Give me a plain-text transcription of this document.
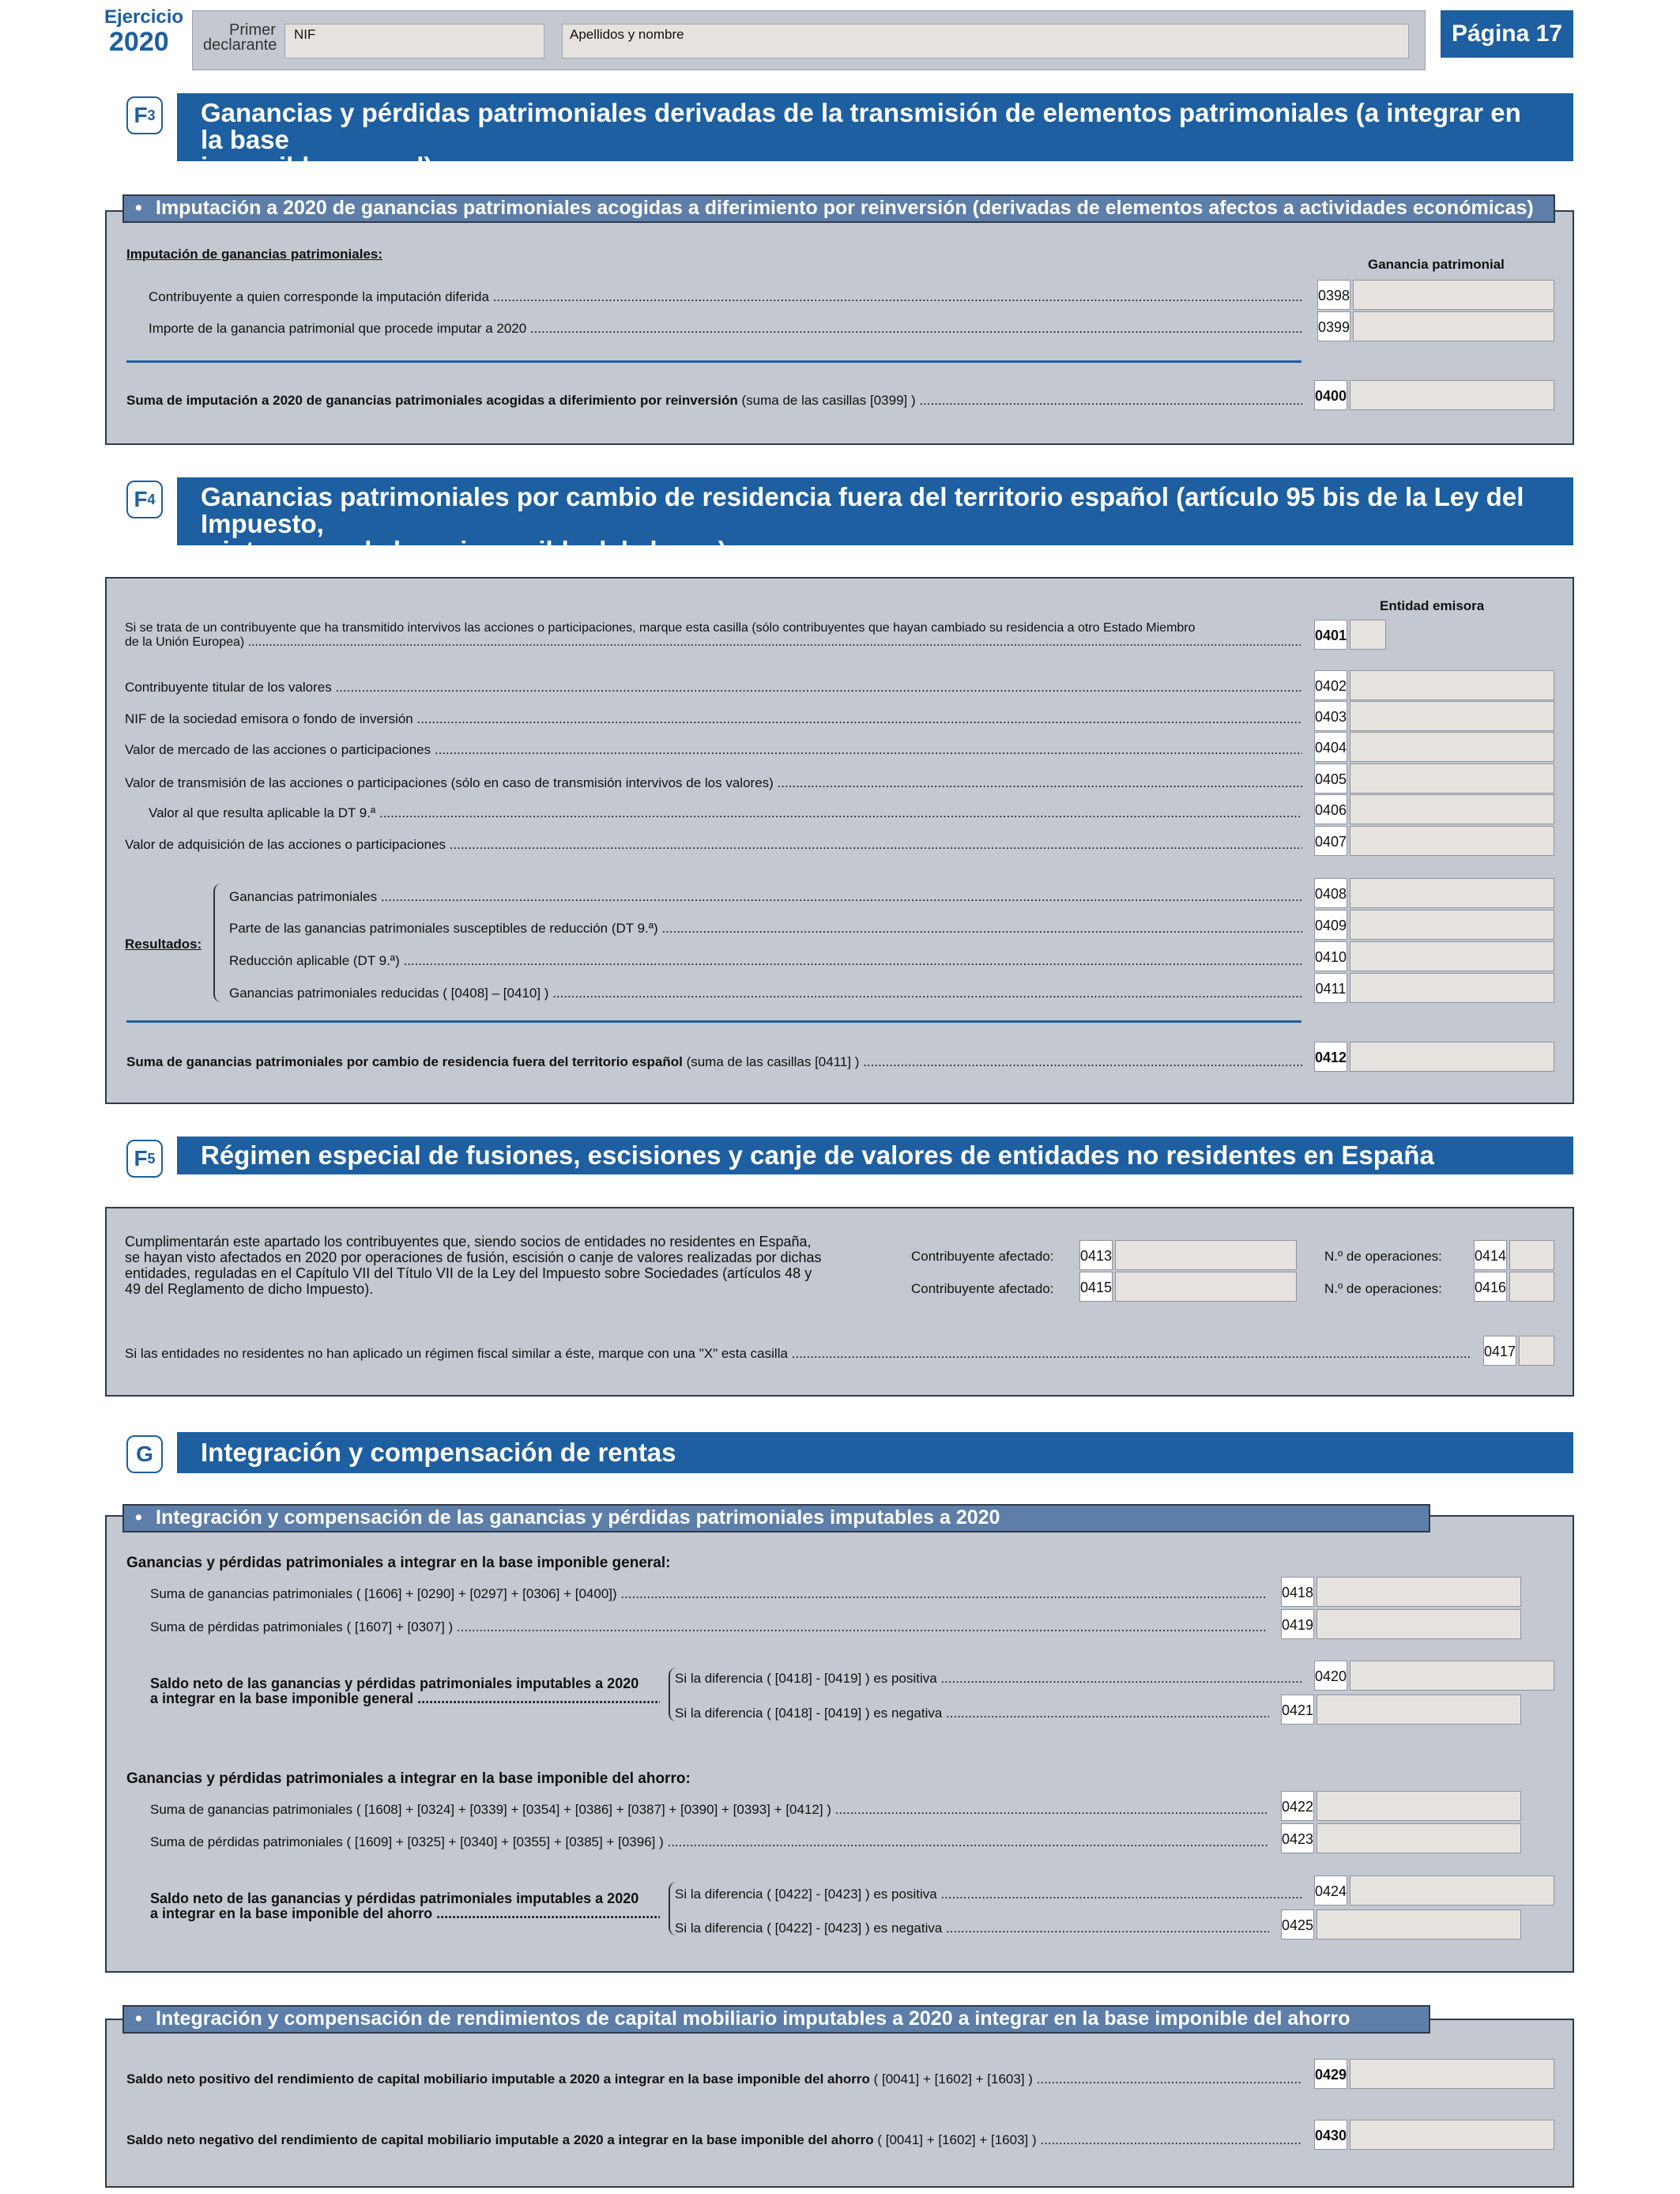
Ejercicio
2020	Primer
declarante
NIF	Apellidos y nombre	Página 17
F 3 Ganancias y pérdidas patrimoniales derivadas de la transmisión de elementos patrimoniales (a integrar en la base
imponible general)
• Imputación a 2020 de ganancias patrimoniales acogidas a diferimiento por reinversión (derivadas de elementos afectos a actividades económicas)
Imputación de ganancias patrimoniales:
Ganancia patrimonial
Contribuyente a quien corresponde la imputación diferida .....	0398
Importe de la ganancia patrimonial que procede imputar a 2020 .....	0399
Suma de imputación a 2020 de ganancias patrimoniales acogidas a diferimiento por reinversión (suma de las casillas [0399] ) .....	0400
F 4 Ganancias patrimoniales por cambio de residencia fuera del territorio español (artículo 95 bis de la Ley del Impuesto,
a integrar en la base imponible del ahorro)
Entidad emisora
Si se trata de un contribuyente que ha transmitido intervivos las acciones o participaciones, marque esta casilla (sólo contribuyentes que hayan cambiado su residencia a otro Estado Miembro
de la Unión Europea) .....	0401
Contribuyente titular de los valores .....	0402
NIF de la sociedad emisora o fondo de inversión .....	0403
Valor de mercado de las acciones o participaciones .....	0404
Valor de transmisión de las acciones o participaciones (sólo en caso de transmisión intervivos de los valores) .....	0405
Valor al que resulta aplicable la DT 9.ª .....	0406
Valor de adquisición de las acciones o participaciones .....	0407
Resultados:
Ganancias patrimoniales .....	0408
Parte de las ganancias patrimoniales susceptibles de reducción (DT 9.ª) .....	0409
Reducción aplicable (DT 9.ª) .....	0410
Ganancias patrimoniales reducidas ( [0408] – [0410] ) .....	0411
Suma de ganancias patrimoniales por cambio de residencia fuera del territorio español (suma de las casillas [0411] ) .....	0412
F 5	Régimen especial de fusiones, escisiones y canje de valores de entidades no residentes en España
Cumplimentarán este apartado los contribuyentes que, siendo socios de entidades no residentes en España,
se hayan visto afectados en 2020 por operaciones de fusión, escisión o canje de valores realizadas por dichas
entidades, reguladas en el Capítulo VII del Título VII de la Ley del Impuesto sobre Sociedades (artículos 48 y
49 del Reglamento de dicho Impuesto).
Contribuyente afectado: 0413	N.º de operaciones: 0414
Contribuyente afectado: 0415	N.º de operaciones: 0416
Si las entidades no residentes no han aplicado un régimen fiscal similar a éste, marque con una "X" esta casilla .....	0417
G	Integración y compensación de rentas
• Integración y compensación de las ganancias y pérdidas patrimoniales imputables a 2020
Ganancias y pérdidas patrimoniales a integrar en la base imponible general:
Suma de ganancias patrimoniales ( [1606] + [0290] + [0297] + [0306] + [0400]) .....	0418
Suma de pérdidas patrimoniales ( [1607] + [0307] ) .....	0419
Saldo neto de las ganancias y pérdidas patrimoniales imputables a 2020
a integrar en la base imponible general .....
Si la diferencia ( [0418] - [0419] ) es positiva .....	0420
Si la diferencia ( [0418] - [0419] ) es negativa .....	0421
Ganancias y pérdidas patrimoniales a integrar en la base imponible del ahorro:
Suma de ganancias patrimoniales ( [1608] + [0324] + [0339] + [0354] + [0386] + [0387] + [0390] + [0393] + [0412] ) .....	0422
Suma de pérdidas patrimoniales ( [1609] + [0325] + [0340] + [0355] + [0385] + [0396] ) .....	0423
Saldo neto de las ganancias y pérdidas patrimoniales imputables a 2020
a integrar en la base imponible del ahorro .....
Si la diferencia ( [0422] - [0423] ) es positiva .....	0424
Si la diferencia ( [0422] - [0423] ) es negativa .....	0425
• Integración y compensación de rendimientos de capital mobiliario imputables a 2020 a integrar en la base imponible del ahorro
Saldo neto positivo del rendimiento de capital mobiliario imputable a 2020 a integrar en la base imponible del ahorro ( [0041] + [1602] + [1603] ) .....	0429
Saldo neto negativo del rendimiento de capital mobiliario imputable a 2020 a integrar en la base imponible del ahorro ( [0041] + [1602] + [1603] ) .....	0430
